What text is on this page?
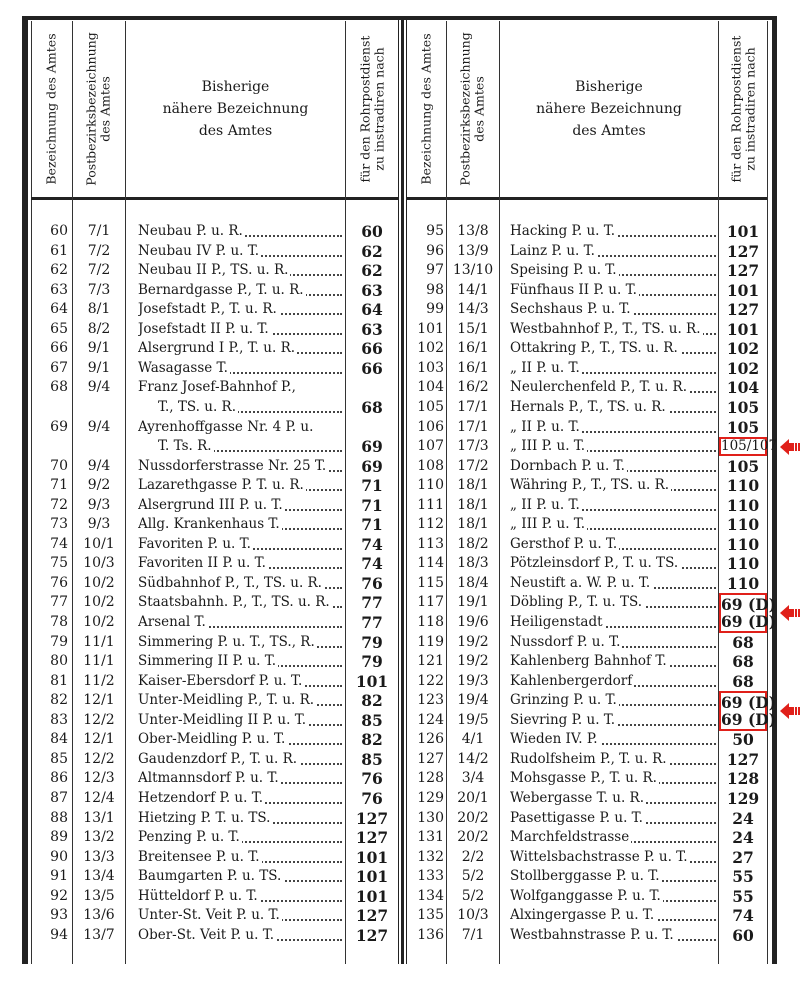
Bezeichnung des Amtes Postbezirksbezeichnung
des Amtes	Bisherige
nähere Bezeichnung
des Amtes	für den Rohrpostdienst
zu instradiren nach	Bezeichnung des Amtes Postbezirksbezeichnung
des Amtes	Bisherige
nähere Bezeichnung
des Amtes	für den Rohrpostdienst
zu instradiren nach
60	7/1	Neubau P. u. R.	60
61	7/2	Neubau IV P. u. T.	62
62	7/2	Neubau II P., TS. u. R.	62
63	7/3	Bernardgasse P., T. u. R.	63
64	8/1	Josefstadt P., T. u. R.	64
65	8/2	Josefstadt II P. u. T.	63
66	9/1	Alsergrund I P., T. u. R.	66
67	9/1	Wasagasse T.	66
68	9/4	Franz Josef-Bahnhof P.,
T., TS. u. R.	68
69	9/4	Ayrenhoffgasse Nr. 4 P. u.
T. Ts. R.	69
70	9/4	Nussdorferstrasse Nr. 25 T.	69
71	9/2	Lazarethgasse P. T. u. R.	71
72	9/3	Alsergrund III P. u. T.	71
73	9/3	Allg. Krankenhaus T.	71
74	10/1	Favoriten P. u. T.	74
75	10/3	Favoriten II P. u. T.	74
76	10/2	Südbahnhof P., T., TS. u. R.	76
77	10/2	Staatsbahnh. P., T., TS. u. R.	77
78	10/2	Arsenal T.	77
79	11/1	Simmering P. u. T., TS., R.	79
80	11/1	Simmering II P. u. T.	79
81	11/2	Kaiser-Ebersdorf P. u. T.	101
82	12/1	Unter-Meidling P., T. u. R.	82
83	12/2	Unter-Meidling II P. u. T.	85
84	12/1	Ober-Meidling P. u. T.	82
85	12/2	Gaudenzdorf P., T. u. R.	85
86	12/3	Altmannsdorf P. u. T.	76
87	12/4	Hetzendorf P. u. T.	76
88	13/1	Hietzing P. T. u. TS.	127
89	13/2	Penzing P. u. T.	127
90	13/3	Breitensee P. u. T.	101
91	13/4	Baumgarten P. u. TS.	101
92	13/5	Hütteldorf P. u. T.	101
93	13/6	Unter-St. Veit P. u. T.	127
94	13/7	Ober-St. Veit P. u. T.	127
95 13/8	Hacking P. u. T.	101
96 13/9	Lainz P. u. T.	127
97 13/10	Speising P. u. T.	127
98 14/1	Fünfhaus II P. u. T.	101
99 14/3	Sechshaus P. u. T.	127
101 15/1	Westbahnhof P., T., TS. u. R.	101
102 16/1	Ottakring P., T., TS. u. R.	102
103 16/1	„ II P. u. T.	102
104 16/2	Neulerchenfeld P., T. u. R.	104
105 17/1	Hernals P., T., TS. u. R.	105
106 17/1	„ II P. u. T.	105
107 17/3	„ III P. u. T.	105/107
108 17/2	Dornbach P. u. T.	105
110 18/1	Währing P., T., TS. u. R.	110
111 18/1	„ II P. u. T.	110
112 18/1	„ III P. u. T.	110
113 18/2	Gersthof P. u. T.	110
114 18/3	Pötzleinsdorf P., T. u. TS.	110
115 18/4	Neustift a. W. P. u. T.	110
117 19/1	Döbling P., T. u. TS.	69 (D)
118 19/6	Heiligenstadt	69 (D)
119 19/2	Nussdorf P. u. T.	68
121 19/2	Kahlenberg Bahnhof T.	68
122 19/3	Kahlenbergerdorf	68
123 19/4	Grinzing P. u. T.	69 (D)
124 19/5	Sievring P. u. T.	69 (D)
126	4/1	Wieden IV. P.	50
127 14/2	Rudolfsheim P., T. u. R.	127
128	3/4	Mohsgasse P., T. u. R.	128
129 20/1	Webergasse T. u. R.	129
130 20/2	Pasettigasse P. u. T.	24
131 20/2	Marchfeldstrasse	24
132	2/2	Wittelsbachstrasse P. u. T.	27
133	5/2	Stollberggasse P. u. T.	55
134	5/2	Wolfganggasse P. u. T.	55
135 10/3	Alxingergasse P. u. T.	74
136	7/1	Westbahnstrasse P. u. T.	60
